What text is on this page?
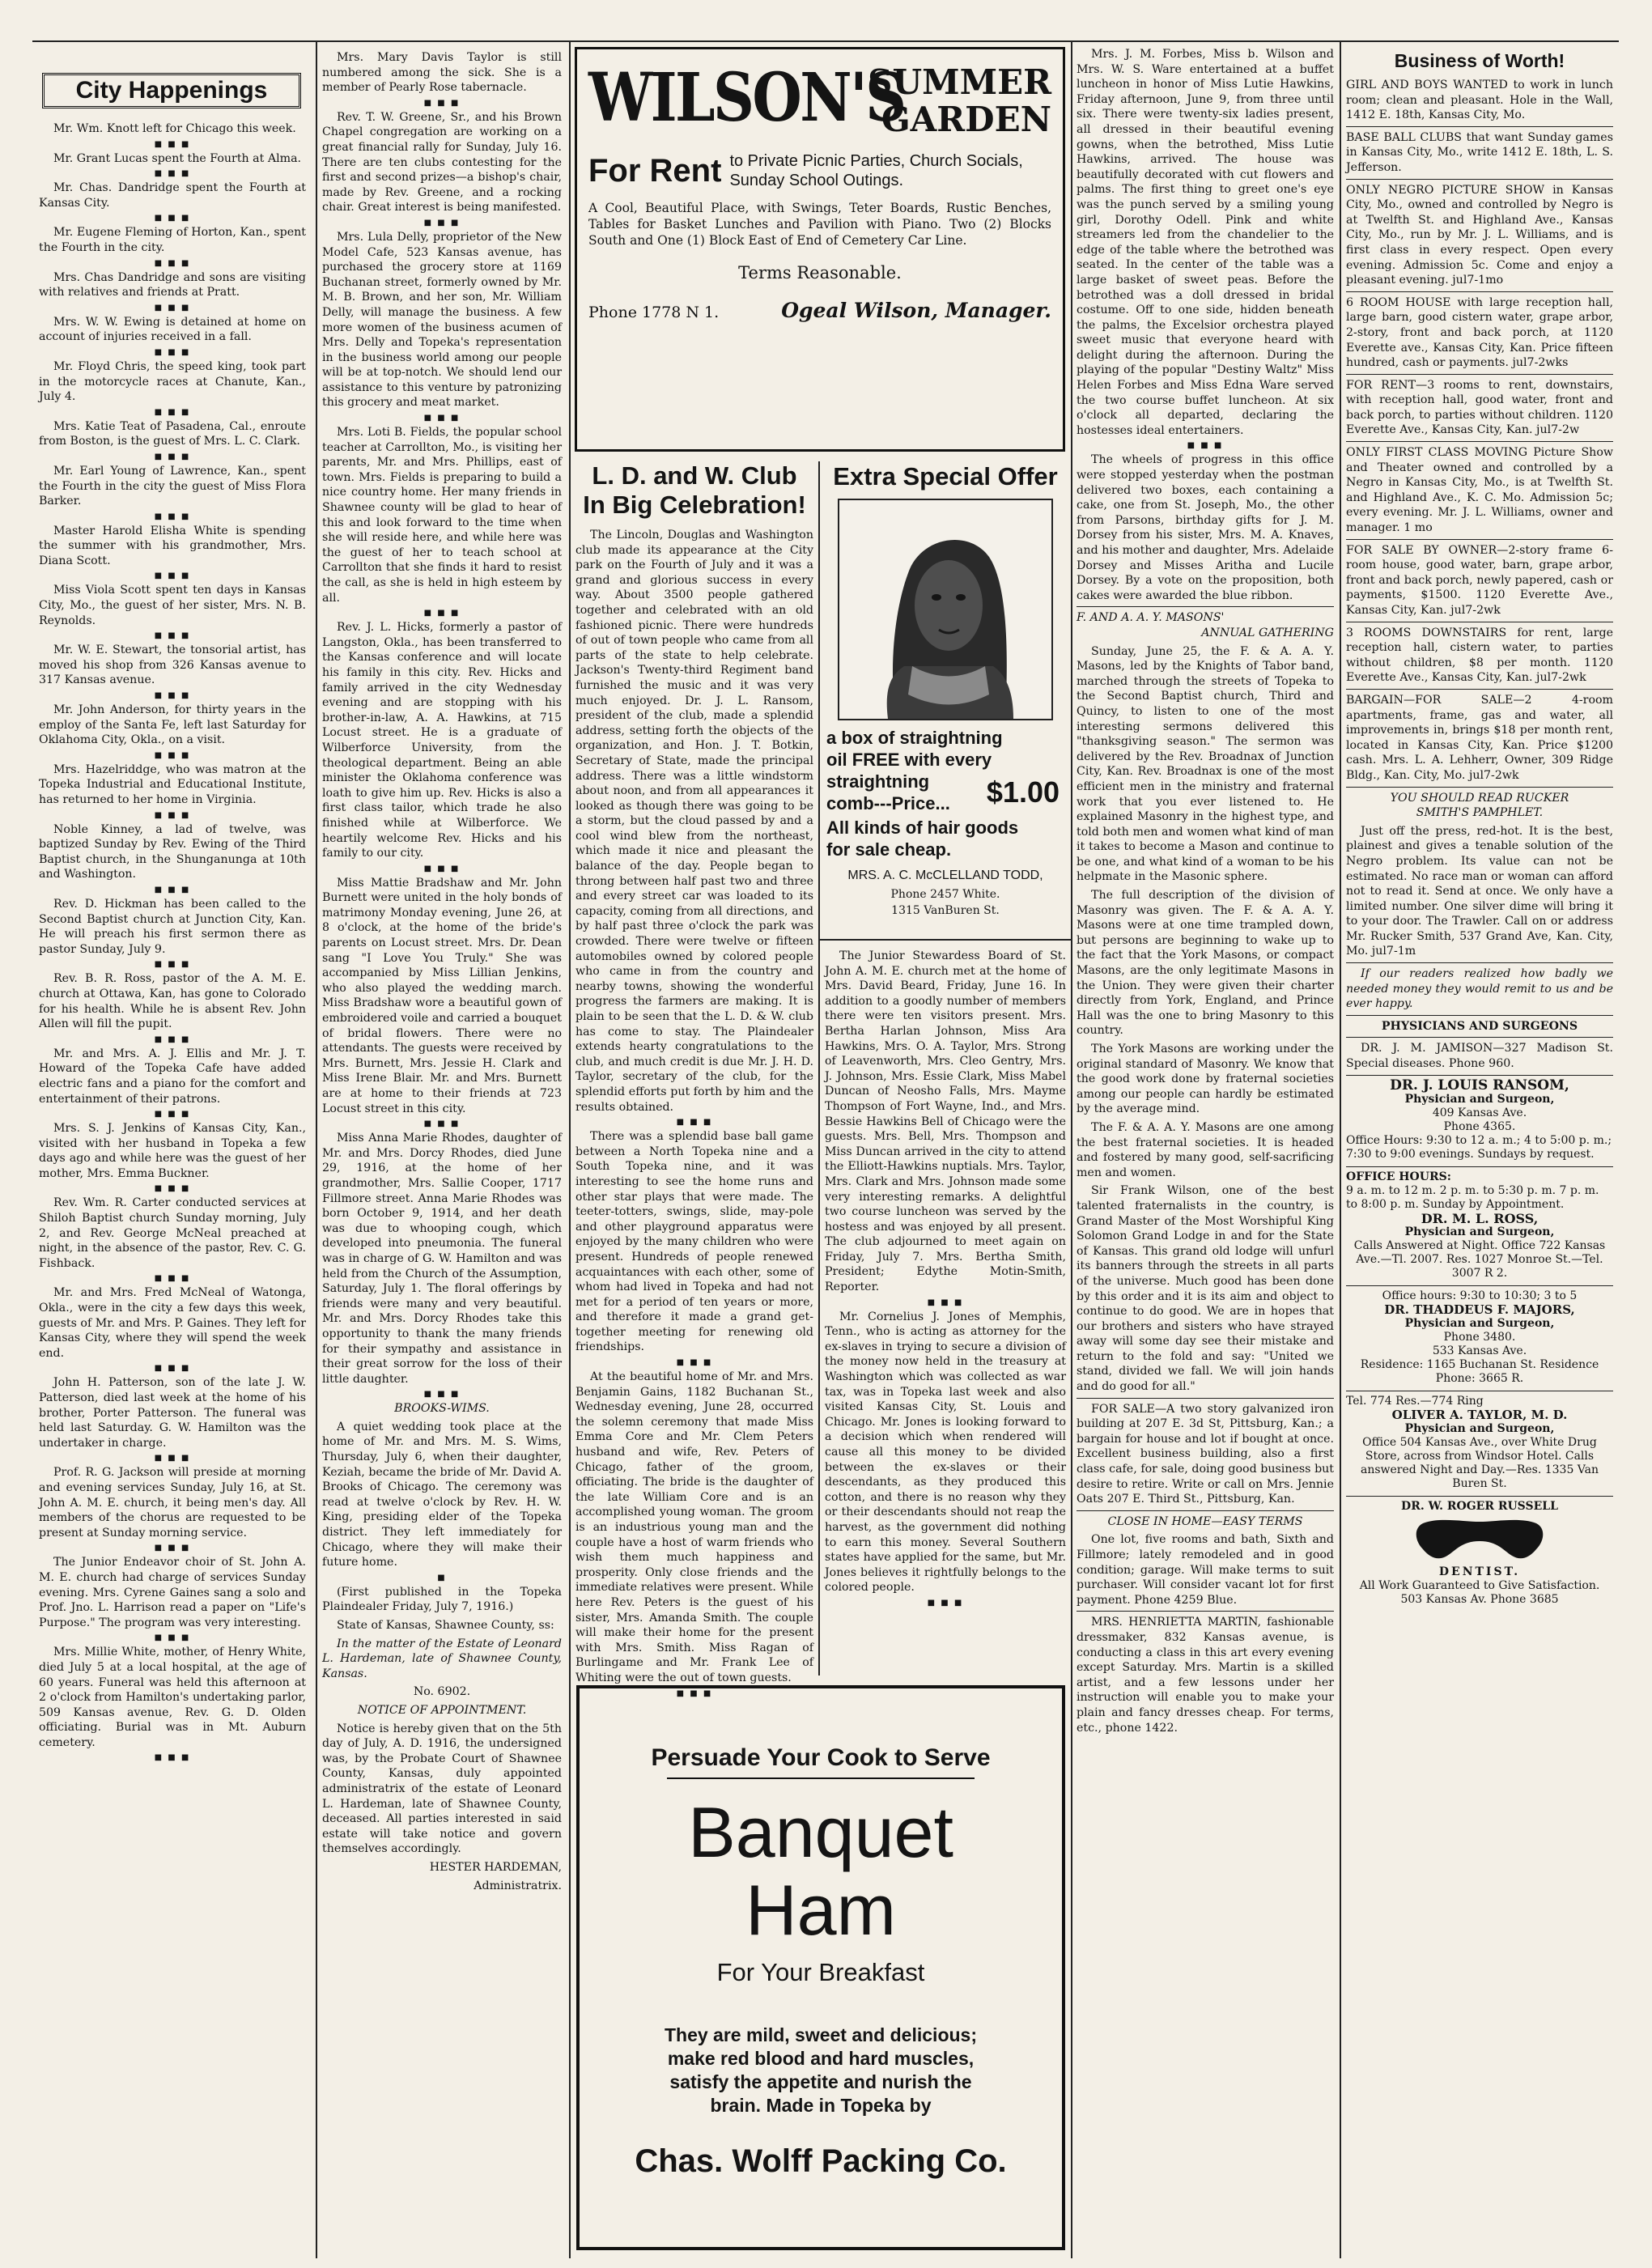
City Happenings

Mr. Wm. Knott left for Chicago this week.

■ ■ ■

Mr. Grant Lucas spent the Fourth at Alma.

■ ■ ■

Mr. Chas. Dandridge spent the Fourth at Kansas City.

■ ■ ■

Mr. Eugene Fleming of Horton, Kan., spent the Fourth in the city.

■ ■ ■

Mrs. Chas Dandridge and sons are visiting with relatives and friends at Pratt.

■ ■ ■

Mrs. W. W. Ewing is detained at home on account of injuries received in a fall.

■ ■ ■

Mr. Floyd Chris, the speed king, took part in the motorcycle races at Chanute, Kan., July 4.

■ ■ ■

Mrs. Katie Teat of Pasadena, Cal., enroute from Boston, is the guest of Mrs. L. C. Clark.

■ ■ ■

Mr. Earl Young of Lawrence, Kan., spent the Fourth in the city the guest of Miss Flora Barker.

■ ■ ■

Master Harold Elisha White is spending the summer with his grandmother, Mrs. Diana Scott.

■ ■ ■

Miss Viola Scott spent ten days in Kansas City, Mo., the guest of her sister, Mrs. N. B. Reynolds.

■ ■ ■

Mr. W. E. Stewart, the tonsorial artist, has moved his shop from 326 Kansas avenue to 317 Kansas avenue.

■ ■ ■

Mr. John Anderson, for thirty years in the employ of the Santa Fe, left last Saturday for Oklahoma City, Okla., on a visit.

■ ■ ■

Mrs. Hazelriddge, who was matron at the Topeka Industrial and Educational Institute, has returned to her home in Virginia.

■ ■ ■

Noble Kinney, a lad of twelve, was baptized Sunday by Rev. Ewing of the Third Baptist church, in the Shunganunga at 10th and Washington.

■ ■ ■

Rev. D. Hickman has been called to the Second Baptist church at Junction City, Kan. He will preach his first sermon there as pastor Sunday, July 9.

■ ■ ■

Rev. B. R. Ross, pastor of the A. M. E. church at Ottawa, Kan, has gone to Colorado for his health. While he is absent Rev. John Allen will fill the pupit.

■ ■ ■

Mr. and Mrs. A. J. Ellis and Mr. J. T. Howard of the Topeka Cafe have added electric fans and a piano for the comfort and entertainment of their patrons.

■ ■ ■

Mrs. S. J. Jenkins of Kansas City, Kan., visited with her husband in Topeka a few days ago and while here was the guest of her mother, Mrs. Emma Buckner.

■ ■ ■

Rev. Wm. R. Carter conducted services at Shiloh Baptist church Sunday morning, July 2, and Rev. George McNeal preached at night, in the absence of the pastor, Rev. C. G. Fishback.

■ ■ ■

Mr. and Mrs. Fred McNeal of Watonga, Okla., were in the city a few days this week, guests of Mr. and Mrs. P. Gaines. They left for Kansas City, where they will spend the week end.

■ ■ ■

John H. Patterson, son of the late J. W. Patterson, died last week at the home of his brother, Porter Patterson. The funeral was held last Saturday. G. W. Hamilton was the undertaker in charge.

■ ■ ■

Prof. R. G. Jackson will preside at morning and evening services Sunday, July 16, at St. John A. M. E. church, it being men's day. All members of the chorus are requested to be present at Sunday morning service.

■ ■ ■

The Junior Endeavor choir of St. John A. M. E. church had charge of services Sunday evening. Mrs. Cyrene Gaines sang a solo and Prof. Jno. L. Harrison read a paper on "Life's Purpose." The program was very interesting.

■ ■ ■

Mrs. Millie White, mother, of Henry White, died July 5 at a local hospital, at the age of 60 years. Funeral was held this afternoon at 2 o'clock from Hamilton's undertaking parlor, 509 Kansas avenue, Rev. G. D. Olden officiating. Burial was in Mt. Auburn cemetery.

■ ■ ■

Mrs. Mary Davis Taylor is still numbered among the sick. She is a member of Pearly Rose tabernacle.

■ ■ ■

Rev. T. W. Greene, Sr., and his Brown Chapel congregation are working on a great financial rally for Sunday, July 16. There are ten clubs contesting for the first and second prizes—a bishop's chair, made by Rev. Greene, and a rocking chair. Great interest is being manifested.

■ ■ ■

Mrs. Lula Delly, proprietor of the New Model Cafe, 523 Kansas avenue, has purchased the grocery store at 1169 Buchanan street, formerly owned by Mr. M. B. Brown, and her son, Mr. William Delly, will manage the business. A few more women of the business acumen of Mrs. Delly and Topeka's representation in the business world among our people will be at top-notch. We should lend our assistance to this venture by patronizing this grocery and meat market.

■ ■ ■

Mrs. Loti B. Fields, the popular school teacher at Carrollton, Mo., is visiting her parents, Mr. and Mrs. Phillips, east of town. Mrs. Fields is preparing to build a nice country home. Her many friends in Shawnee county will be glad to hear of this and look forward to the time when she will reside here, and while here was the guest of her to teach school at Carrollton that she finds it hard to resist the call, as she is held in high esteem by all.

■ ■ ■

Rev. J. L. Hicks, formerly a pastor of Langston, Okla., has been transferred to the Kansas conference and will locate his family in this city. Rev. Hicks and family arrived in the city Wednesday evening and are stopping with his brother-in-law, A. A. Hawkins, at 715 Locust street. He is a graduate of Wilberforce University, from the theological department. Being an able minister the Oklahoma conference was loath to give him up. Rev. Hicks is also a first class tailor, which trade he also finished while at Wilberforce. We heartily welcome Rev. Hicks and his family to our city.

■ ■ ■

Miss Mattie Bradshaw and Mr. John Burnett were united in the holy bonds of matrimony Monday evening, June 26, at 8 o'clock, at the home of the bride's parents on Locust street. Mrs. Dr. Dean sang "I Love You Truly." She was accompanied by Miss Lillian Jenkins, who also played the wedding march. Miss Bradshaw wore a beautiful gown of embroidered voile and carried a bouquet of bridal flowers. There were no attendants. The guests were received by Mrs. Burnett, Mrs. Jessie H. Clark and Miss Irene Blair. Mr. and Mrs. Burnett are at home to their friends at 723 Locust street in this city.

■ ■ ■

Miss Anna Marie Rhodes, daughter of Mr. and Mrs. Dorcy Rhodes, died June 29, 1916, at the home of her grandmother, Mrs. Sallie Cooper, 1717 Fillmore street. Anna Marie Rhodes was born October 9, 1914, and her death was due to whooping cough, which developed into pneumonia. The funeral was in charge of G. W. Hamilton and was held from the Church of the Assumption, Saturday, July 1. The floral offerings by friends were many and very beautiful. Mr. and Mrs. Dorcy Rhodes take this opportunity to thank the many friends for their sympathy and assistance in their great sorrow for the loss of their little daughter.

■ ■ ■

BROOKS-WIMS.

A quiet wedding took place at the home of Mr. and Mrs. M. S. Wims, Thursday, July 6, when their daughter, Keziah, became the bride of Mr. David A. Brooks of Chicago. The ceremony was read at twelve o'clock by Rev. H. W. King, presiding elder of the Topeka district. They left immediately for Chicago, where they will make their future home.

■

(First published in the Topeka Plaindealer Friday, July 7, 1916.)

State of Kansas, Shawnee County, ss:

In the matter of the Estate of Leonard L. Hardeman, late of Shawnee County, Kansas.

No. 6902.

NOTICE OF APPOINTMENT.

Notice is hereby given that on the 5th day of July, A. D. 1916, the undersigned was, by the Probate Court of Shawnee County, Kansas, duly appointed administratrix of the estate of Leonard L. Hardeman, late of Shawnee County, deceased. All parties interested in said estate will take notice and govern themselves accordingly.

HESTER HARDEMAN,

Administratrix.

WILSON'S
SUMMER
GARDEN
For Rent to Private Picnic Parties, Church Socials, Sunday School Outings.
A Cool, Beautiful Place, with Swings, Teter Boards, Rustic Benches, Tables for Basket Lunches and Pavilion with Piano. Two (2) Blocks South and One (1) Block East of End of Cemetery Car Line.
Terms Reasonable.
Phone 1778 N 1.	Ogeal Wilson, Manager.
L. D. and W. Club
In Big Celebration!

The Lincoln, Douglas and Washington club made its appearance at the City park on the Fourth of July and it was a grand and glorious success in every way. About 3500 people gathered together and celebrated with an old fashioned picnic. There were hundreds of out of town people who came from all parts of the state to help celebrate. Jackson's Twenty-third Regiment band furnished the music and it was very much enjoyed. Dr. J. L. Ransom, president of the club, made a splendid address, setting forth the objects of the organization, and Hon. J. T. Botkin, Secretary of State, made the principal address. There was a little windstorm about noon, and from all appearances it looked as though there was going to be a storm, but the cloud passed by and a cool wind blew from the northeast, which made it nice and pleasant the balance of the day. People began to throng between half past two and three and every street car was loaded to its capacity, coming from all directions, and by half past three o'clock the park was crowded. There were twelve or fifteen automobiles owned by colored people who came in from the country and nearby towns, showing the wonderful progress the farmers are making. It is plain to be seen that the L. D. & W. club has come to stay. The Plaindealer extends hearty congratulations to the club, and much credit is due Mr. J. H. D. Taylor, secretary of the club, for the splendid efforts put forth by him and the results obtained.

■ ■ ■

There was a splendid base ball game between a North Topeka nine and a South Topeka nine, and it was interesting to see the home runs and other star plays that were made. The teeter-totters, swings, slide, may-pole and other playground apparatus were enjoyed by the many children who were present. Hundreds of people renewed acquaintances with each other, some of whom had lived in Topeka and had not met for a period of ten years or more, and therefore it made a grand get-together meeting for renewing old friendships.

■ ■ ■

At the beautiful home of Mr. and Mrs. Benjamin Gains, 1182 Buchanan St., Wednesday evening, June 28, occurred the solemn ceremony that made Miss Emma Core and Mr. Clem Peters husband and wife, Rev. Peters of Chicago, father of the groom, officiating. The bride is the daughter of the late William Core and is an accomplished young woman. The groom is an industrious young man and the couple have a host of warm friends who wish them much happiness and prosperity. Only close friends and the immediate relatives were present. While here Rev. Peters is the guest of his sister, Mrs. Amanda Smith. The couple will make their home for the present with Mrs. Smith. Miss Ragan of Burlingame and Mr. Frank Lee of Whiting were the out of town guests.

■ ■ ■
Extra Special Offer
a box of straightning
oil FREE with every
straightning
comb---Price... $1.00
All kinds of hair goods
for sale cheap.
MRS. A. C. McCLELLAND TODD,
Phone 2457 White.
1315 VanBuren St.

The Junior Stewardess Board of St. John A. M. E. church met at the home of Mrs. David Beard, Friday, June 16. In addition to a goodly number of members there were ten visitors present. Mrs. Bertha Harlan Johnson, Miss Ara Hawkins, Mrs. O. A. Taylor, Mrs. Strong of Leavenworth, Mrs. Cleo Gentry, Mrs. J. Johnson, Mrs. Essie Clark, Miss Mabel Duncan of Neosho Falls, Mrs. Mayme Thompson of Fort Wayne, Ind., and Mrs. Bessie Hawkins Bell of Chicago were the guests. Mrs. Bell, Mrs. Thompson and Miss Duncan arrived in the city to attend the Elliott-Hawkins nuptials. Mrs. Taylor, Mrs. Clark and Mrs. Johnson made some very interesting remarks. A delightful two course luncheon was served by the hostess and was enjoyed by all present. The club adjourned to meet again on Friday, July 7. Mrs. Bertha Smith, President; Edythe Motin-Smith, Reporter.

■ ■ ■

Mr. Cornelius J. Jones of Memphis, Tenn., who is acting as attorney for the ex-slaves in trying to secure a division of the money now held in the treasury at Washington which was collected as war tax, was in Topeka last week and also visited Kansas City, St. Louis and Chicago. Mr. Jones is looking forward to a decision which when rendered will cause all this money to be divided between the ex-slaves or their descendants, as they produced this cotton, and there is no reason why they or their descendants should not reap the harvest, as the government did nothing to earn this money. Several Southern states have applied for the same, but Mr. Jones believes it rightfully belongs to the colored people.

■ ■ ■
Persuade Your Cook to Serve
Banquet
Ham
For Your Breakfast
They are mild, sweet and delicious;
make red blood and hard muscles,
satisfy the appetite and nurish the
brain. Made in Topeka by
Chas. Wolff Packing Co.

Mrs. J. M. Forbes, Miss b. Wilson and Mrs. W. S. Ware entertained at a buffet luncheon in honor of Miss Lutie Hawkins, Friday afternoon, June 9, from three until six. There were twenty-six ladies present, all dressed in their beautiful evening gowns, when the betrothed, Miss Lutie Hawkins, arrived. The house was beautifully decorated with cut flowers and palms. The first thing to greet one's eye was the punch served by a smiling young girl, Dorothy Odell. Pink and white streamers led from the chandelier to the edge of the table where the betrothed was seated. In the center of the table was a large basket of sweet peas. Before the betrothed was a doll dressed in bridal costume. Off to one side, hidden beneath the palms, the Excelsior orchestra played sweet music that everyone heard with delight during the afternoon. During the playing of the popular "Destiny Waltz" Miss Helen Forbes and Miss Edna Ware served the two course buffet luncheon. At six o'clock all departed, declaring the hostesses ideal entertainers.

■ ■ ■

The wheels of progress in this office were stopped yesterday when the postman delivered two boxes, each containing a cake, one from St. Joseph, Mo., the other from Parsons, birthday gifts for J. M. Dorsey from his sister, Mrs. M. A. Knaves, and his mother and daughter, Mrs. Adelaide Dorsey and Misses Aritha and Lucile Dorsey. By a vote on the proposition, both cakes were awarded the blue ribbon.

F. AND A. A. Y. MASONS'

ANNUAL GATHERING

Sunday, June 25, the F. & A. A. Y. Masons, led by the Knights of Tabor band, marched through the streets of Topeka to the Second Baptist church, Third and Quincy, to listen to one of the most interesting sermons delivered this "thanksgiving season." The sermon was delivered by the Rev. Broadnax of Junction City, Kan. Rev. Broadnax is one of the most efficient men in the ministry and fraternal work that you ever listened to. He explained Masonry in the highest type, and told both men and women what kind of man it takes to become a Mason and continue to be one, and what kind of a woman to be his helpmate in the Masonic sphere.

The full description of the division of Masonry was given. The F. & A. A. Y. Masons were at one time trampled down, but persons are beginning to wake up to the fact that the York Masons, or compact Masons, are the only legitimate Masons in the Union. They were given their charter directly from York, England, and Prince Hall was the one to bring Masonry to this country.

The York Masons are working under the original standard of Masonry. We know that the good work done by fraternal societies among our people can hardly be estimated by the average mind.

The F. & A. A. Y. Masons are one among the best fraternal societies. It is headed and fostered by many good, self-sacrificing men and women.

Sir Frank Wilson, one of the best talented fraternalists in the country, is Grand Master of the Most Worshipful King Solomon Grand Lodge in and for the State of Kansas. This grand old lodge will unfurl its banners through the streets in all parts of the universe. Much good has been done by this order and it is its aim and object to continue to do good. We are in hopes that our brothers and sisters who have strayed away will some day see their mistake and return to the fold and say: "United we stand, divided we fall. We will join hands and do good for all."

FOR SALE—A two story galvanized iron building at 207 E. 3d St, Pittsburg, Kan.; a bargain for house and lot if bought at once. Excellent business building, also a first class cafe, for sale, doing good business but desire to retire. Write or call on Mrs. Jennie Oats 207 E. Third St., Pittsburg, Kan.

CLOSE IN HOME—EASY TERMS

One lot, five rooms and bath, Sixth and Fillmore; lately remodeled and in good condition; garage. Will make terms to suit purchaser. Will consider vacant lot for first payment. Phone 4259 Blue.

MRS. HENRIETTA MARTIN, fashionable dressmaker, 832 Kansas avenue, is conducting a class in this art every evening except Saturday. Mrs. Martin is a skilled artist, and a few lessons under her instruction will enable you to make your plain and fancy dresses cheap. For terms, etc., phone 1422.

Business of Worth!

GIRL AND BOYS WANTED to work in lunch room; clean and pleasant. Hole in the Wall, 1412 E. 18th, Kansas City, Mo.

BASE BALL CLUBS that want Sunday games in Kansas City, Mo., write 1412 E. 18th, L. S. Jefferson.

ONLY NEGRO PICTURE SHOW in Kansas City, Mo., owned and controlled by Negro is at Twelfth St. and Highland Ave., Kansas City, Mo., run by Mr. J. L. Williams, and is first class in every respect. Open every evening. Admission 5c. Come and enjoy a pleasant evening. jul7-1mo

6 ROOM HOUSE with large reception hall, large barn, good cistern water, grape arbor, 2-story, front and back porch, at 1120 Everette ave., Kansas City, Kan. Price fifteen hundred, cash or payments. jul7-2wks

FOR RENT—3 rooms to rent, downstairs, with reception hall, good water, front and back porch, to parties without children. 1120 Everette Ave., Kansas City, Kan. jul7-2w

ONLY FIRST CLASS MOVING Picture Show and Theater owned and controlled by a Negro in Kansas City, Mo., is at Twelfth St. and Highland Ave., K. C. Mo. Admission 5c; every evening. Mr. J. L. Williams, owner and manager. 1 mo

FOR SALE BY OWNER—2-story frame 6-room house, good water, barn, grape arbor, front and back porch, newly papered, cash or payments, $1500. 1120 Everette Ave., Kansas City, Kan. jul7-2wk

3 ROOMS DOWNSTAIRS for rent, large reception hall, cistern water, to parties without children, $8 per month. 1120 Everette Ave., Kansas City, Kan. jul7-2wk

BARGAIN—FOR SALE—2 4-room apartments, frame, gas and water, all improvements in, brings $18 per month rent, located in Kansas City, Kan. Price $1200 cash. Mrs. L. A. Lehherr, Owner, 309 Ridge Bldg., Kan. City, Mo. jul7-2wk

YOU SHOULD READ RUCKER

SMITH'S PAMPHLET.

Just off the press, red-hot. It is the best, plainest and gives a tenable solution of the Negro problem. Its value can not be estimated. No race man or woman can afford not to read it. Send at once. We only have a limited number. One silver dime will bring it to your door. The Trawler. Call on or address Mr. Rucker Smith, 537 Grand Ave, Kan. City, Mo. jul7-1m

If our readers realized how badly we needed money they would remit to us and be ever happy.

PHYSICIANS AND SURGEONS

DR. J. M. JAMISON—327 Madison St. Special diseases. Phone 960.

DR. J. LOUIS RANSOM,
Physician and Surgeon,
409 Kansas Ave.
Phone 4365.
Office Hours: 9:30 to 12 a. m.; 4 to 5:00 p. m.; 7:30 to 9:00 evenings. Sundays by request.
OFFICE HOURS:
9 a. m. to 12 m. 2 p. m. to 5:30 p. m. 7 p. m. to 8:00 p. m. Sunday by Appointment.
DR. M. L. ROSS,
Physician and Surgeon,
Calls Answered at Night. Office 722 Kansas Ave.—Tl. 2007. Res. 1027 Monroe St.—Tel. 3007 R 2.
Office hours: 9:30 to 10:30; 3 to 5
DR. THADDEUS F. MAJORS,
Physician and Surgeon,
Phone 3480.
533 Kansas Ave.
Residence: 1165 Buchanan St. Residence Phone: 3665 R.
Tel. 774 Res.—774 Ring
OLIVER A. TAYLOR, M. D.
Physician and Surgeon,
Office 504 Kansas Ave., over White Drug Store, across from Windsor Hotel. Calls answered Night and Day.—Res. 1335 Van Buren St.
DR. W. ROGER RUSSELL
DENTIST.
All Work Guaranteed to Give Satisfaction.
503 Kansas Av. Phone 3685
